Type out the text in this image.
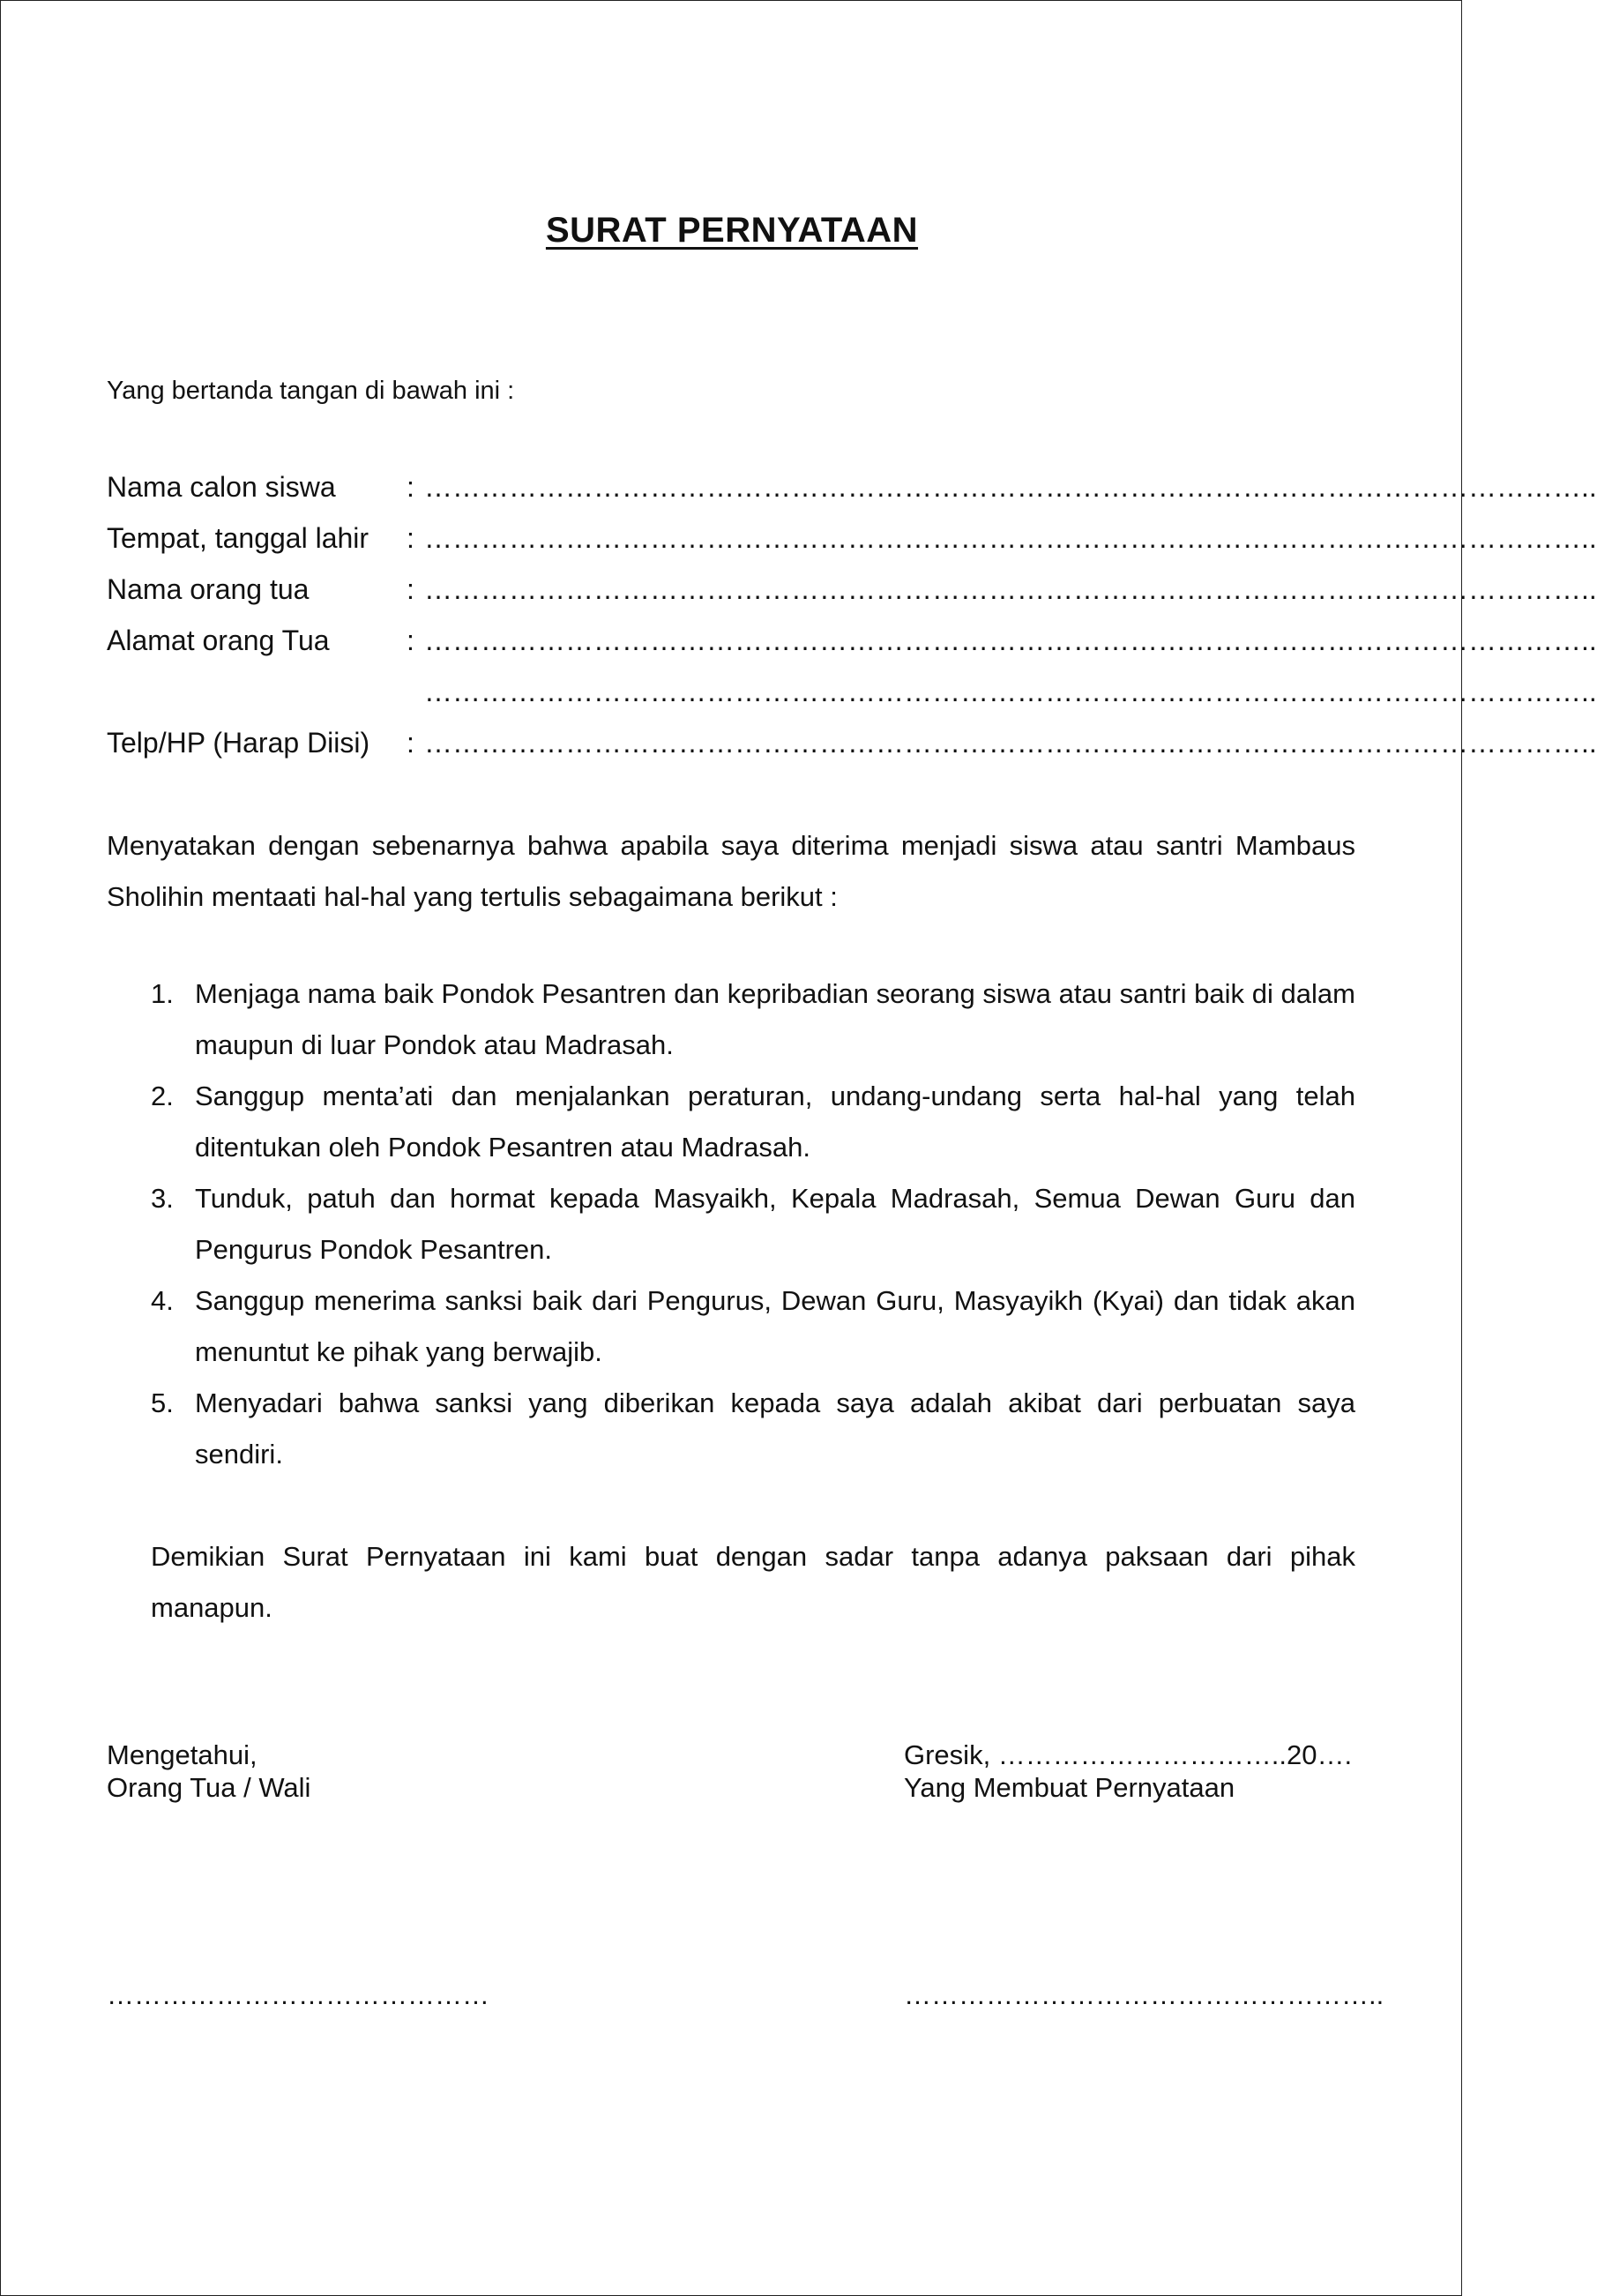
SURAT PERNYATAAN
Yang bertanda tangan di bawah ini :
Nama calon siswa	: ……………………………………………………………………………………………………………..
Tempat, tanggal lahir : ……………………………………………………………………………………………………………..
Nama orang tua	: ……………………………………………………………………………………………………………..
Alamat orang Tua	: ……………………………………………………………………………………………………………..
……………………………………………………………………………………………………………..
Telp/HP (Harap Diisi) : ……………………………………………………………………………………………………………..
Menyatakan dengan sebenarnya bahwa apabila saya diterima menjadi siswa atau santri Mambaus Sholihin mentaati hal-hal yang tertulis sebagaimana berikut :
1. Menjaga nama baik Pondok Pesantren dan kepribadian seorang siswa atau santri baik di dalam maupun di luar Pondok atau Madrasah.
2. Sanggup menta’ati dan menjalankan peraturan, undang-undang serta hal-hal yang telah ditentukan oleh Pondok Pesantren atau Madrasah.
3. Tunduk, patuh dan hormat kepada Masyaikh, Kepala Madrasah, Semua Dewan Guru dan Pengurus Pondok Pesantren.
4. Sanggup menerima sanksi baik dari Pengurus, Dewan Guru, Masyayikh (Kyai) dan tidak akan menuntut ke pihak yang berwajib.
5. Menyadari bahwa sanksi yang diberikan kepada saya adalah akibat dari perbuatan saya sendiri.
Demikian Surat Pernyataan ini kami buat dengan sadar tanpa adanya paksaan dari pihak manapun.
Mengetahui,
Orang Tua / Wali
Gresik, …………………………..20….
Yang Membuat Pernyataan
……………………………………	……………………………………………..
